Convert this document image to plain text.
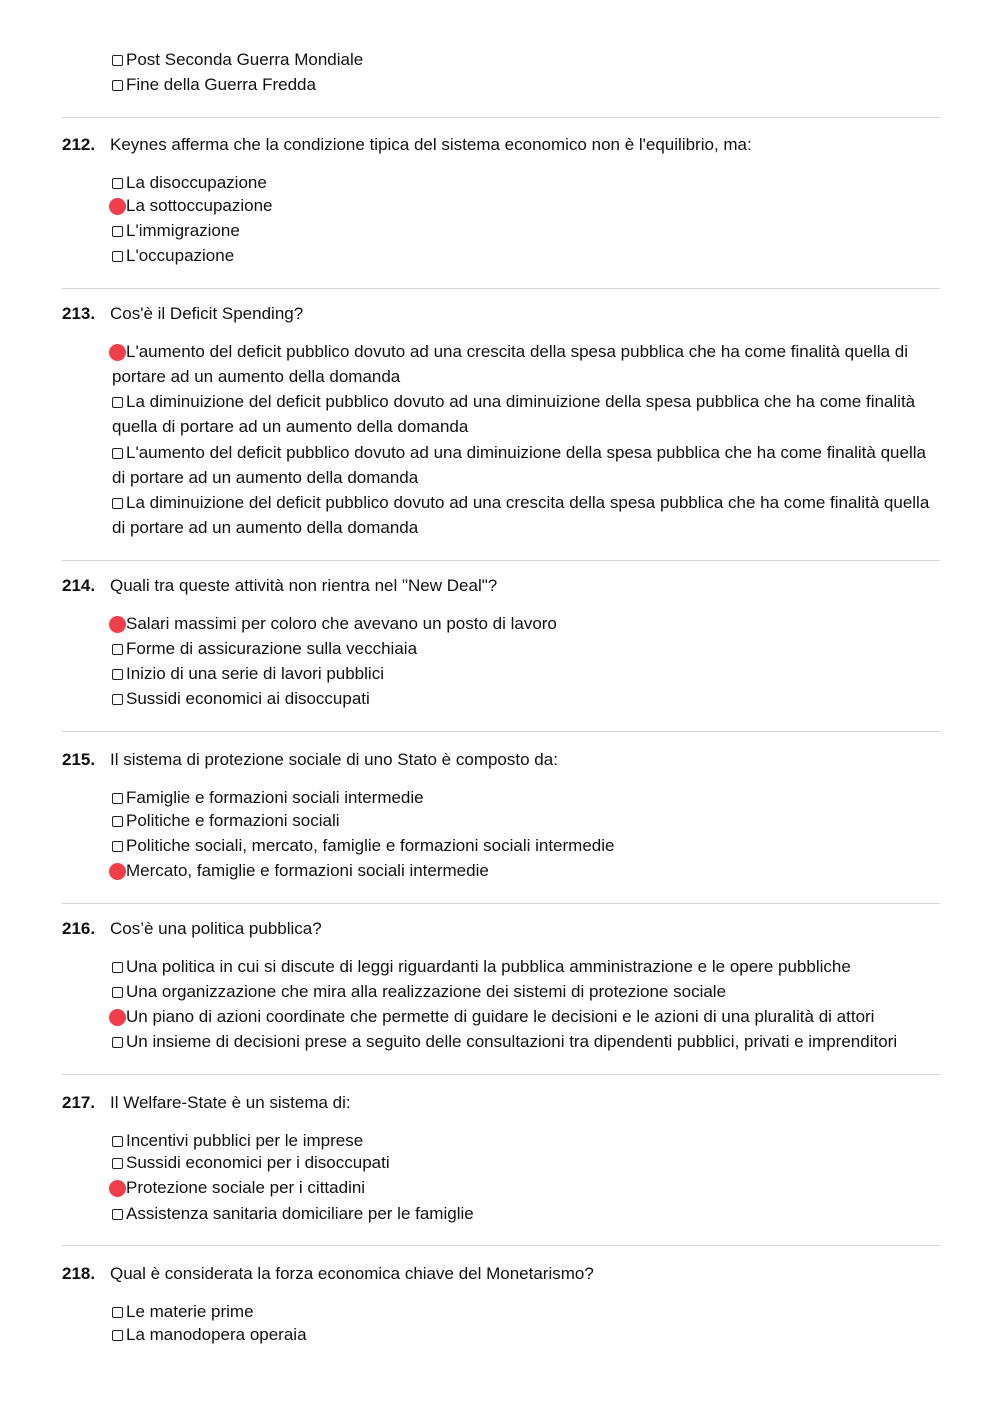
Post Seconda Guerra Mondiale
Fine della Guerra Fredda
212. Keynes afferma che la condizione tipica del sistema economico non è l'equilibrio, ma:
La disoccupazione
La sottoccupazione
L'immigrazione
L'occupazione
213. Cos'è il Deficit Spending?
L'aumento del deficit pubblico dovuto ad una crescita della spesa pubblica che ha come finalità quella di portare ad un aumento della domanda
La diminuizione del deficit pubblico dovuto ad una diminuizione della spesa pubblica che ha come finalità quella di portare ad un aumento della domanda
L'aumento del deficit pubblico dovuto ad una diminuizione della spesa pubblica che ha come finalità quella di portare ad un aumento della domanda
La diminuizione del deficit pubblico dovuto ad una crescita della spesa pubblica che ha come finalità quella di portare ad un aumento della domanda
214. Quali tra queste attività non rientra nel "New Deal"?
Salari massimi per coloro che avevano un posto di lavoro
Forme di assicurazione sulla vecchiaia
Inizio di una serie di lavori pubblici
Sussidi economici ai disoccupati
215. Il sistema di protezione sociale di uno Stato è composto da:
Famiglie e formazioni sociali intermedie
Politiche e formazioni sociali
Politiche sociali, mercato, famiglie e formazioni sociali intermedie
Mercato, famiglie e formazioni sociali intermedie
216. Cos’è una politica pubblica?
Una politica in cui si discute di leggi riguardanti la pubblica amministrazione e le opere pubbliche
Una organizzazione che mira alla realizzazione dei sistemi di protezione sociale
Un piano di azioni coordinate che permette di guidare le decisioni e le azioni di una pluralità di attori
Un insieme di decisioni prese a seguito delle consultazioni tra dipendenti pubblici, privati e imprenditori
217. Il Welfare-State è un sistema di:
Incentivi pubblici per le imprese
Sussidi economici per i disoccupati
Protezione sociale per i cittadini
Assistenza sanitaria domiciliare per le famiglie
218. Qual è considerata la forza economica chiave del Monetarismo?
Le materie prime
La manodopera operaia
